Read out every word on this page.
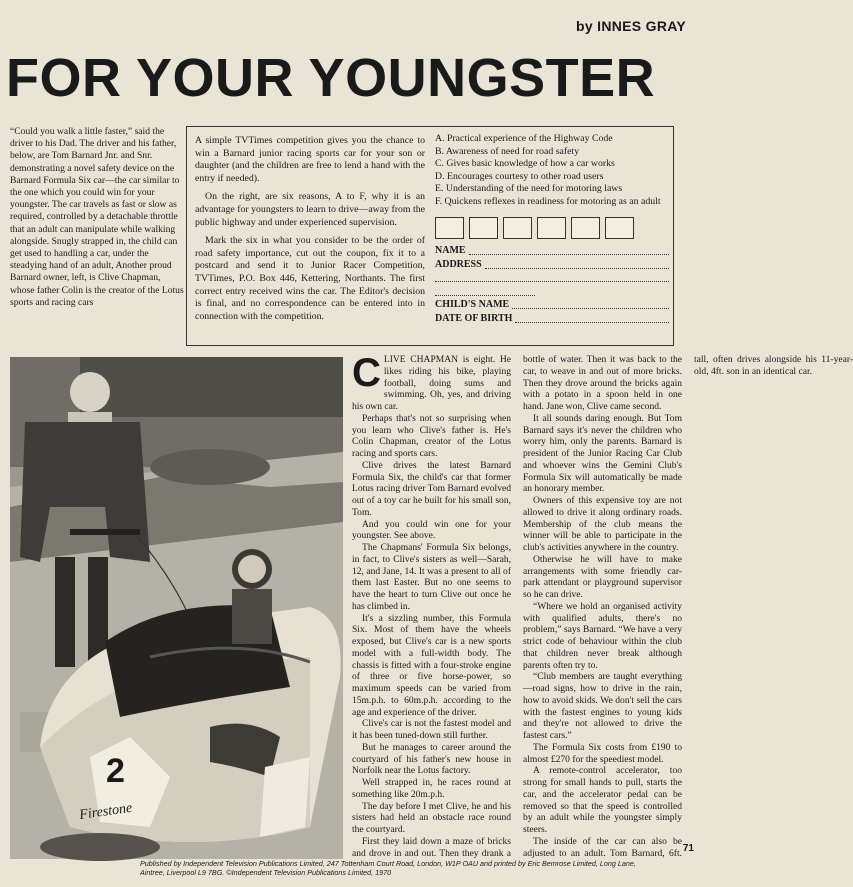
by INNES GRAY
FOR YOUR YOUNGSTER
“Could you walk a little faster,” said the driver to his Dad. The driver and his father, below, are Tom Barnard Jnr. and Snr. demonstrating a novel safety device on the Barnard Formula Six car—the car similar to the one which you could win for your youngster. The car travels as fast or slow as required, controlled by a detachable throttle that an adult can manipulate while walking alongside. Snugly strapped in, the child can get used to handling a car, under the steadying hand of an adult, Another proud Barnard owner, left, is Clive Chapman, whose father Colin is the creator of the Lotus sports and racing cars

A simple TVTimes competition gives you the chance to win a Barnard junior racing sports car for your son or daughter (and the children are free to lend a hand with the entry if needed).

On the right, are six reasons, A to F, why it is an advantage for youngsters to learn to drive—away from the public highway and under experienced supervision.

Mark the six in what you consider to be the order of road safety importance, cut out the coupon, fix it to a postcard and send it to Junior Racer Competition, TVTimes, P.O. Box 446, Kettering, Northants. The first correct entry received wins the car. The Editor's decision is final, and no correspondence can be entered into in connection with the competition.

A. Practical experience of the Highway Code

B. Awareness of need for road safety

C. Gives basic knowledge of how a car works

D. Encourages courtesy to other road users

E. Understanding of the need for motoring laws

F. Quickens reflexes in readiness for motoring as an adult

NAME
ADDRESS
CHILD'S NAME
DATE OF BIRTH
2
Firestone

CLIVE CHAPMAN is eight. He likes riding his bike, playing football, doing sums and swimming. Oh, yes, and driving his own car.

Perhaps that's not so surprising when you learn who Clive's father is. He's Colin Chapman, creator of the Lotus racing and sports cars.

Clive drives the latest Barnard Formula Six, the child's car that former Lotus racing driver Tom Barnard evolved out of a toy car he built for his small son, Tom.

And you could win one for your youngster. See above.

The Chapmans' Formula Six belongs, in fact, to Clive's sisters as well—Sarah, 12, and Jane, 14. It was a present to all of them last Easter. But no one seems to have the heart to turn Clive out once he has climbed in.

It's a sizzling number, this Formula Six. Most of them have the wheels exposed, but Clive's car is a new sports model with a full-width body. The chassis is fitted with a four-stroke engine of three or five horse-power, so maximum speeds can be varied from 15m.p.h. to 60m.p.h. according to the age and experience of the driver.

Clive's car is not the fastest model and it has been tuned-down still further.

But he manages to career around the courtyard of his father's new house in Norfolk near the Lotus factory.

Well strapped in, he races round at something like 20m.p.h.

The day before I met Clive, he and his sisters had held an obstacle race round the courtyard.

First they laid down a maze of bricks and drove in and out. Then they drank a bottle of water. Then it was back to the car, to weave in and out of more bricks. Then they drove around the bricks again with a potato in a spoon held in one hand. Jane won, Clive came second.

It all sounds daring enough. But Tom Barnard says it's never the children who worry him, only the parents. Barnard is president of the Junior Racing Car Club and whoever wins the Gemini Club's Formula Six will automatically be made an honorary member.

Owners of this expensive toy are not allowed to drive it along ordinary roads. Membership of the club means the winner will be able to participate in the club's activities anywhere in the country.

Otherwise he will have to make arrangements with some friendly car-park attendant or playground supervisor so he can drive.

“Where we hold an organised activity with qualified adults, there's no problem,” says Barnard. “We have a very strict code of behaviour within the club that children never break although parents often try to.

“Club members are taught everything—road signs, how to drive in the rain, how to avoid skids. We don't sell the cars with the fastest engines to young kids and they're not allowed to drive the fastest cars.”

The Formula Six costs from £190 to almost £270 for the speediest model.

A remote-control accelerator, too strong for small hands to pull, starts the car, and the accelerator pedal can be removed so that the speed is controlled by an adult while the youngster simply steers.

The inside of the car can also be adjusted to an adult. Tom Barnard, 6ft. tall, often drives alongside his 11-year-old, 4ft. son in an identical car.

Published by Independent Television Publications Limited, 247 Tottenham Court Road, London, W1P OAU and printed by Eric Bemrose Limited, Long Lane, Aintree, Liverpool L9 7BG. ©Independent Television Publications Limited, 1970
71
